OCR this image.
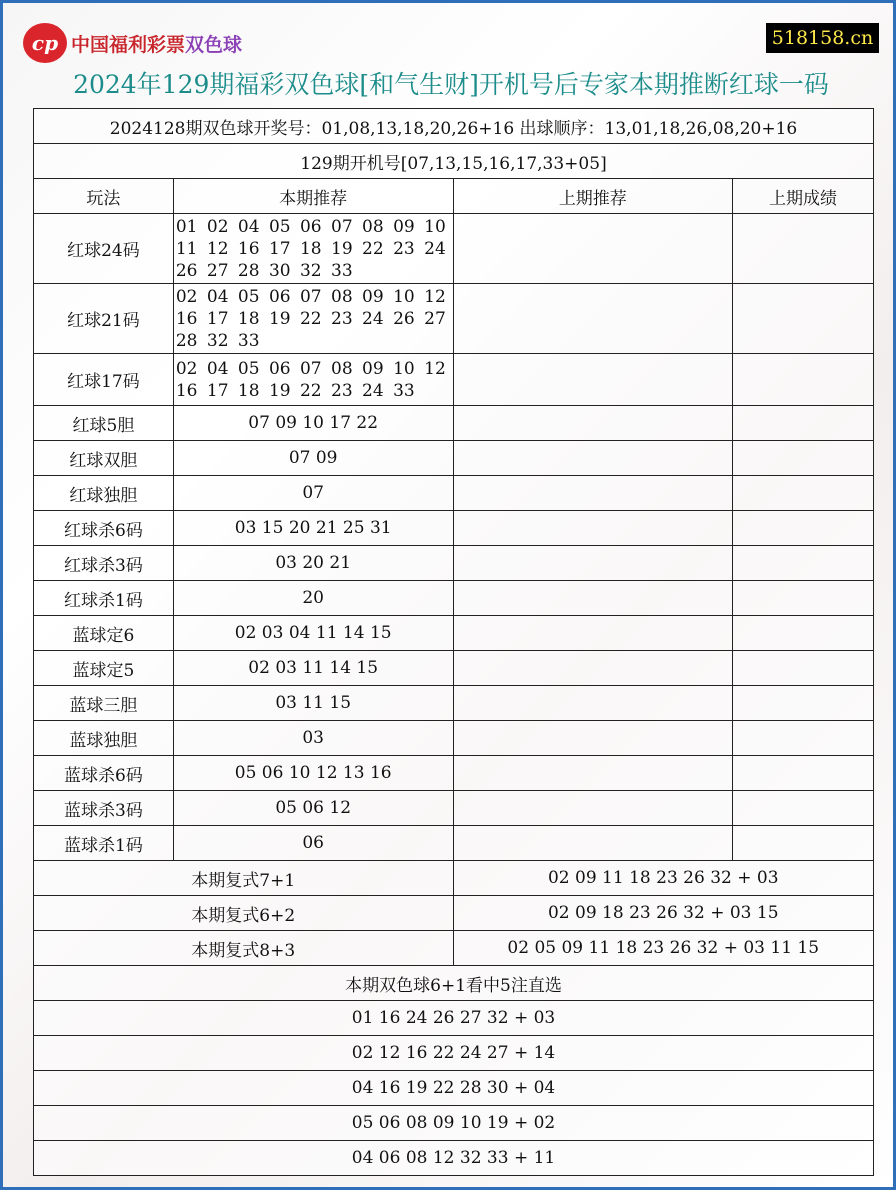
cp 中国福利彩票双色球	518158.cn
2024年129期福彩双色球[和气生财]开机号后专家本期推断红球一码
2024128期双色球开奖号：01,08,13,18,20,26+16 出球顺序：13,01,18,26,08,20+16			
129期开机号[07,13,15,16,17,33+05]			
玩法	本期推荐	上期推荐	上期成绩
红球24码	01 02 04 05 06 07 08 09 10 11 12 16 17 18 19 22 23 24 26 27 28 30 32 33		
红球21码	02 04 05 06 07 08 09 10 12 16 17 18 19 22 23 24 26 27 28 32 33		
红球17码	02 04 05 06 07 08 09 10 12 16 17 18 19 22 23 24 33		
红球5胆	07 09 10 17 22		
红球双胆	07 09		
红球独胆	07		
红球杀6码	03 15 20 21 25 31		
红球杀3码	03 20 21		
红球杀1码	20		
蓝球定6	02 03 04 11 14 15		
蓝球定5	02 03 11 14 15		
蓝球三胆	03 11 15		
蓝球独胆	03		
蓝球杀6码	05 06 10 12 13 16		
蓝球杀3码	05 06 12		
蓝球杀1码	06		
本期复式7+1		02 09 11 18 23 26 32 + 03	
本期复式6+2		02 09 18 23 26 32 + 03 15	
本期复式8+3		02 05 09 11 18 23 26 32 + 03 11 15	
本期双色球6+1看中5注直选			
01 16 24 26 27 32 + 03			
02 12 16 22 24 27 + 14			
04 16 19 22 28 30 + 04			
05 06 08 09 10 19 + 02			
04 06 08 12 32 33 + 11			
